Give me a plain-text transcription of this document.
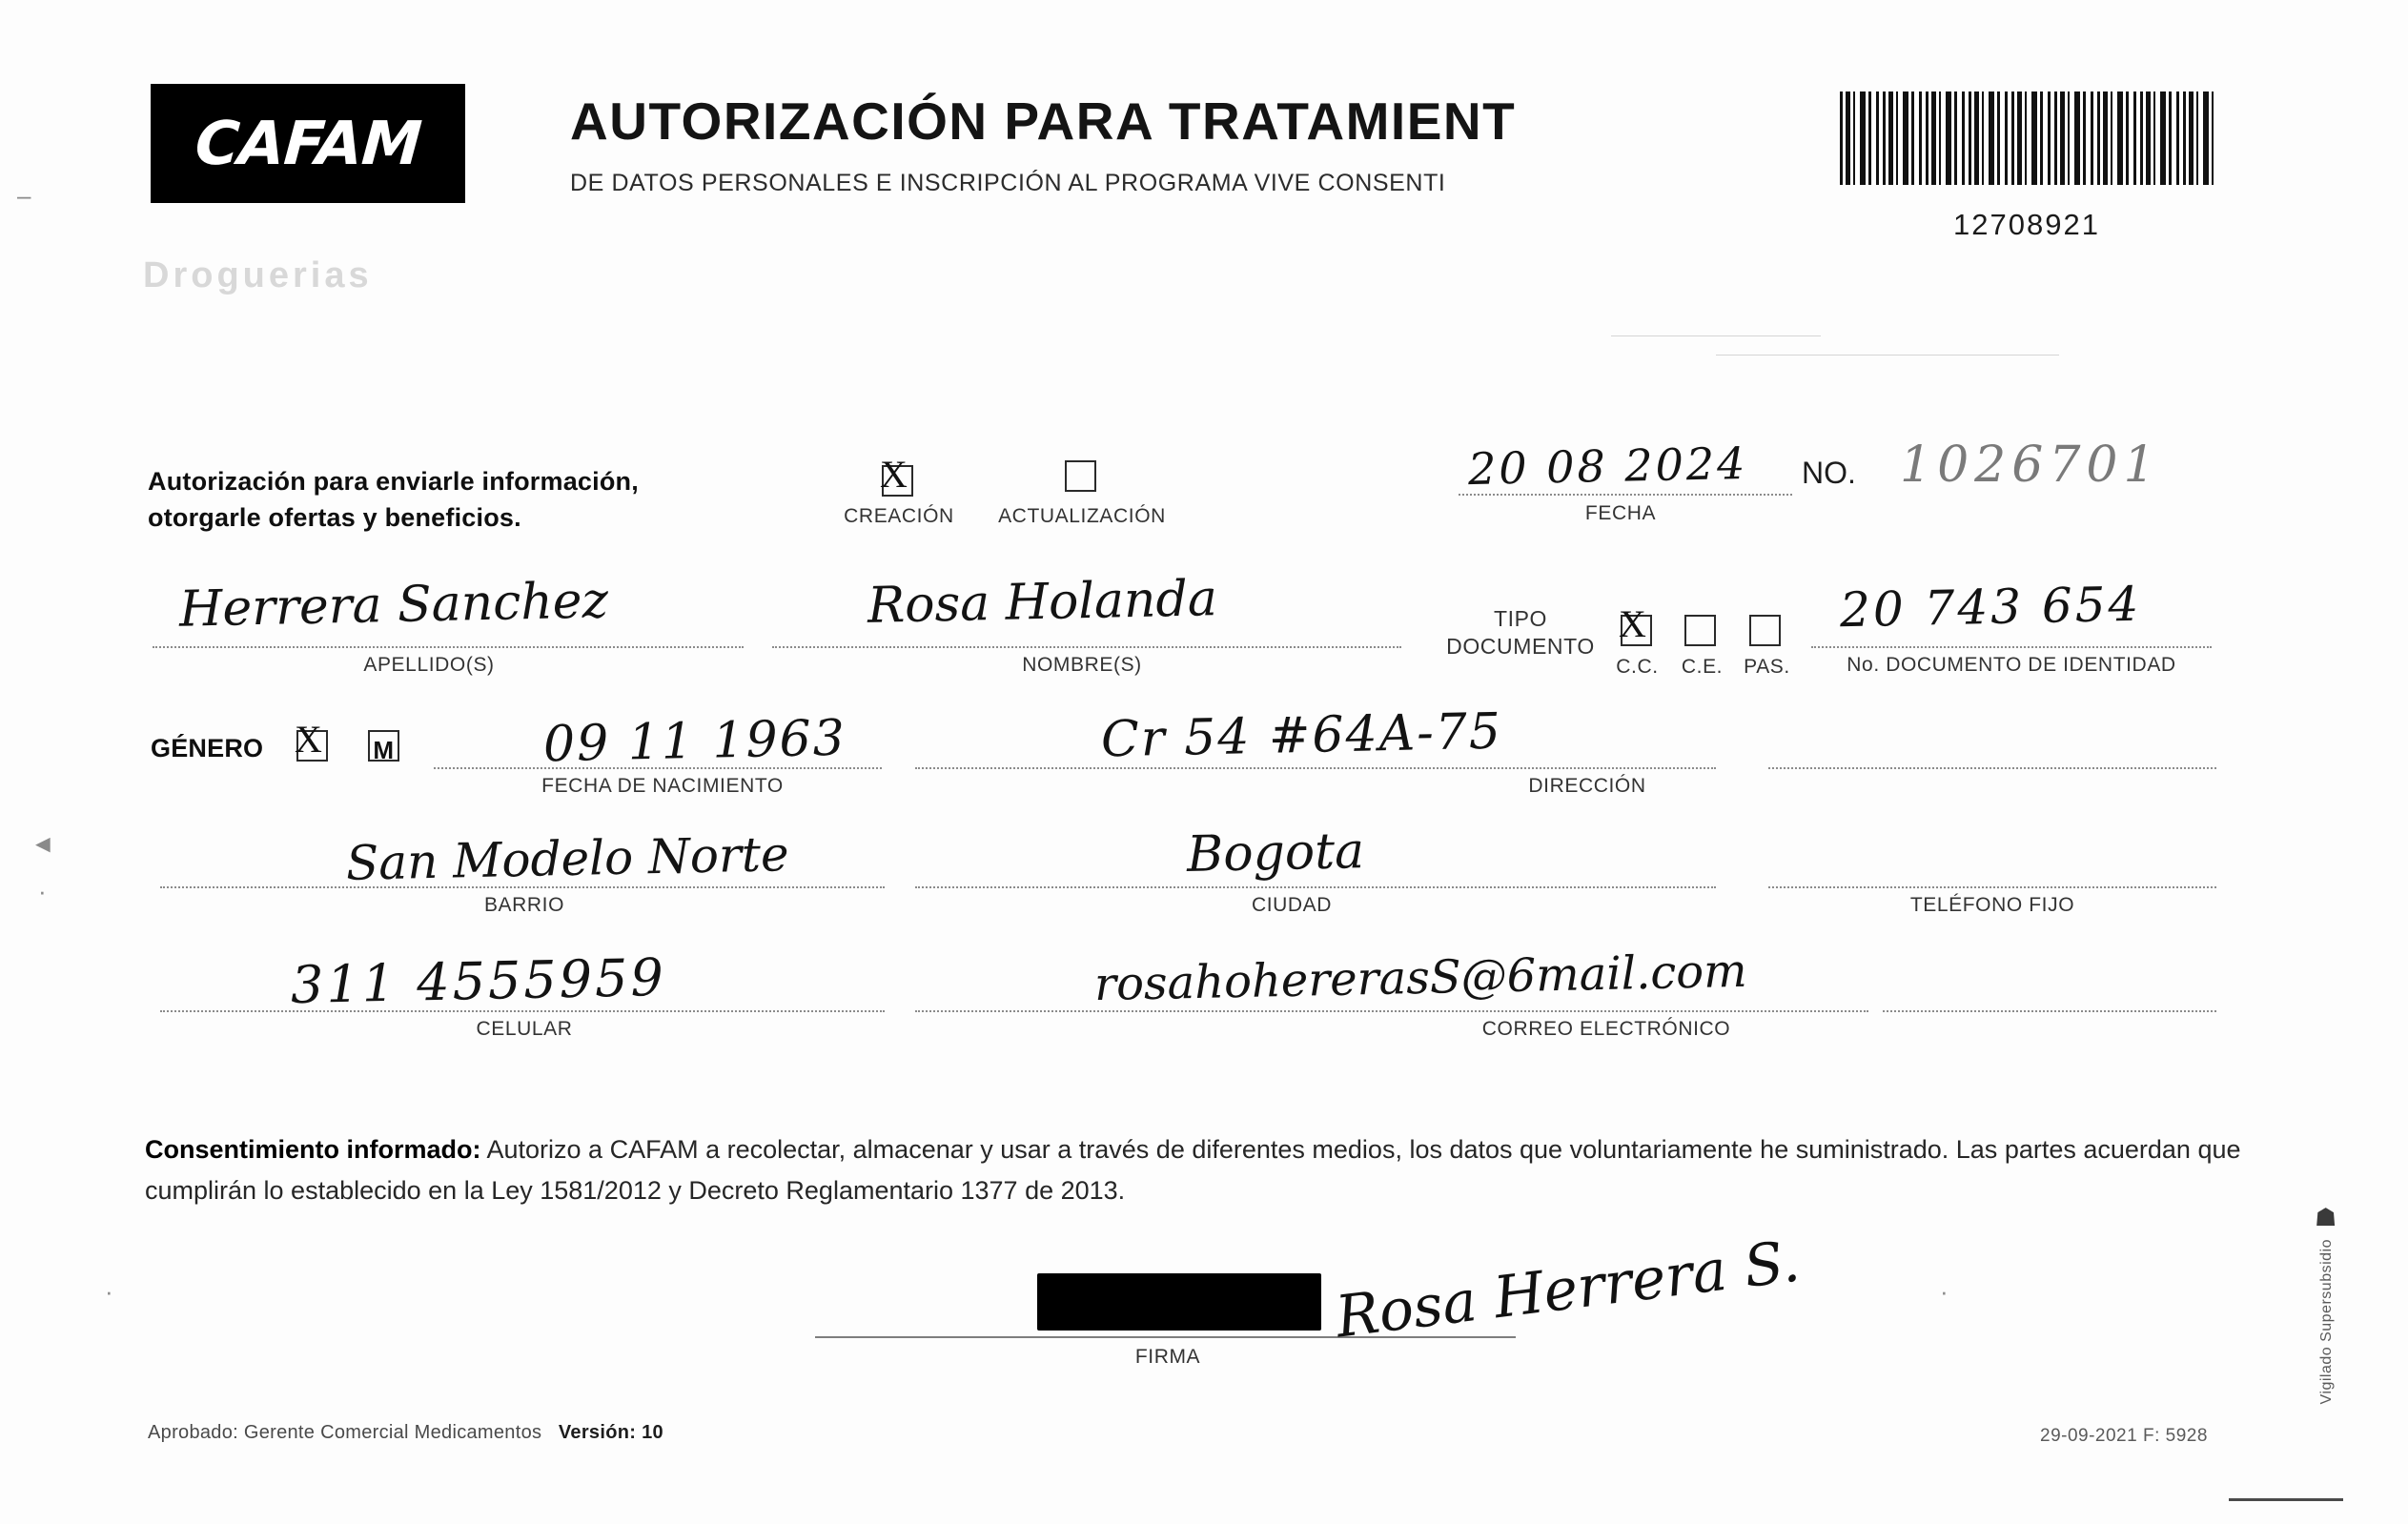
–
◄
·
·	·
CAFAM
Droguerias
AUTORIZACIÓN PARA TRATAMIENT
DE DATOS PERSONALES E INSCRIPCIÓN AL PROGRAMA VIVE CONSENTI
12708921
Autorización para enviarle información,
otorgarle ofertas y beneficios.
X
CREACIÓN	ACTUALIZACIÓN
20 08 2024
FECHA
NO. 1026701
Herrera Sanchez
APELLIDO(S)
Rosa Holanda
NOMBRE(S)
TIPO
DOCUMENTO
X
C.C.	C.E.	PAS.
20 743 654
No. DOCUMENTO DE IDENTIDAD
GÉNERO X M	09 11 1963
FECHA DE NACIMIENTO
Cr 54 #64A-75
DIRECCIÓN
San Modelo Norte
BARRIO
Bogota
CIUDAD	TELÉFONO FIJO
311 4555959
CELULAR
rosahohererasS@6mail.com
CORREO ELECTRÓNICO
Consentimiento informado: Autorizo a CAFAM a recolectar, almacenar y usar a través de diferentes medios, los datos que voluntariamente he suministrado. Las partes acuerdan que cumplirán lo establecido en la Ley 1581/2012 y Decreto Reglamentario 1377 de 2013.
Rosa Herrera S.
FIRMA
Aprobado: Gerente Comercial Medicamentos Versión: 10	29-09-2021 F: 5928
☗
Vigilado Supersubsidio
